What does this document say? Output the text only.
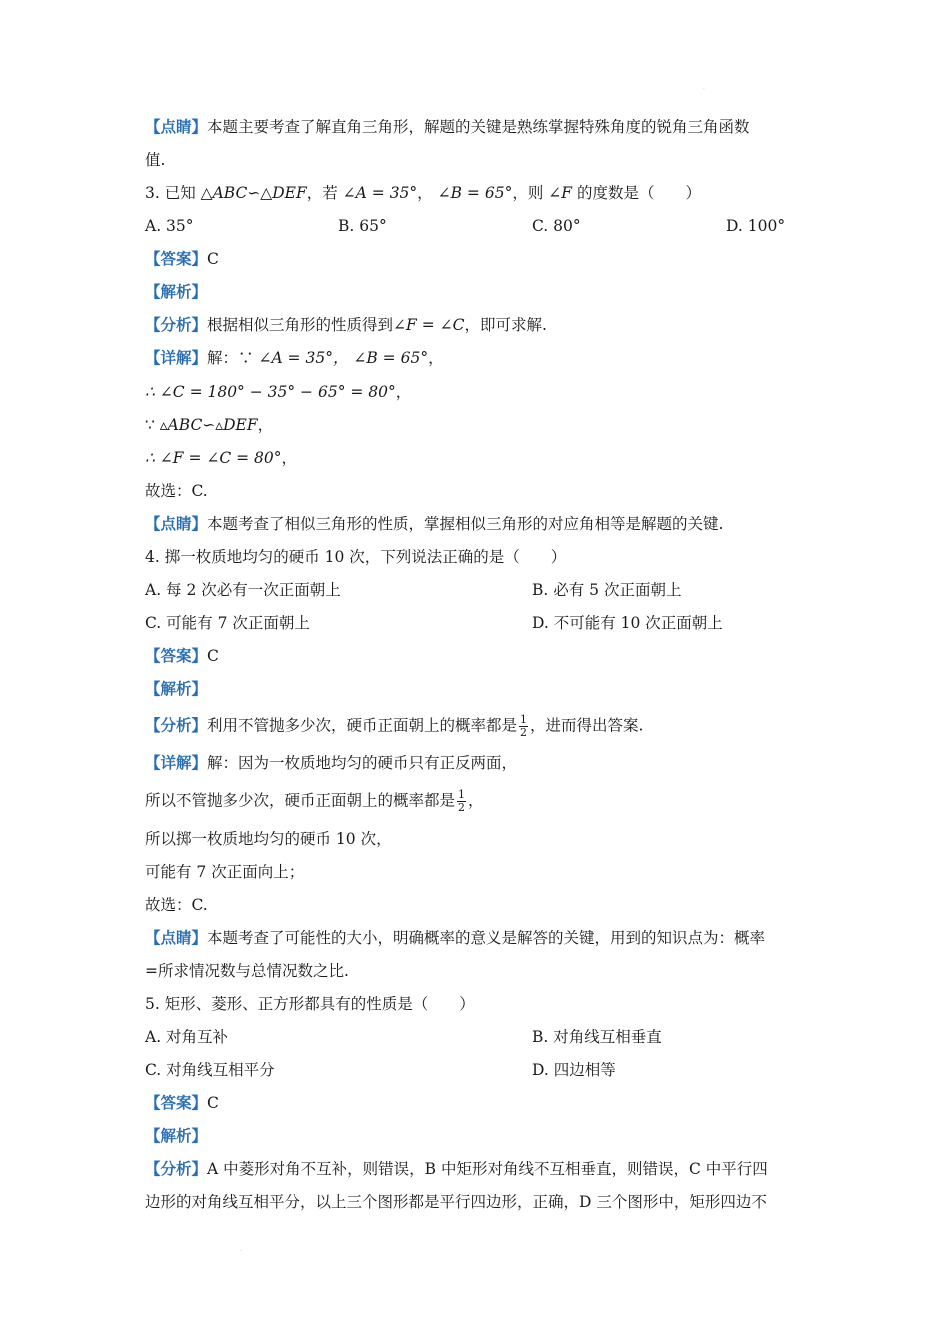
·
【点睛】本题主要考查了解直角三角形，解题的关键是熟练掌握特殊角度的锐角三角函数
值.
3. 已知 △ABC∽△DEF，若 ∠A = 35°， ∠B = 65°，则 ∠F 的度数是（　　）
A. 35°	B. 65°	C. 80°	D. 100°
【答案】C
【解析】
【分析】根据相似三角形的性质得到∠F = ∠C，即可求解.
【详解】解：∵ ∠A = 35°， ∠B = 65°，
∴ ∠C = 180° − 35° − 65° = 80°，
∵ ▵ABC∽▵DEF，
∴ ∠F = ∠C = 80°，
故选：C.
【点睛】本题考查了相似三角形的性质，掌握相似三角形的对应角相等是解题的关键.
4. 掷一枚质地均匀的硬币 10 次，下列说法正确的是（　　）
A. 每 2 次必有一次正面朝上	B. 必有 5 次正面朝上
C. 可能有 7 次正面朝上	D. 不可能有 10 次正面朝上
【答案】C
【解析】
【分析】利用不管抛多少次，硬币正面朝上的概率都是 $\frac{1}{2}$ ，进而得出答案.
【详解】解：因为一枚质地均匀的硬币只有正反两面，
所以不管抛多少次，硬币正面朝上的概率都是 $\frac{1}{2}$ ，
所以掷一枚质地均匀的硬币 10 次，
可能有 7 次正面向上；
故选：C.
【点睛】本题考查了可能性的大小，明确概率的意义是解答的关键，用到的知识点为：概率
=所求情况数与总情况数之比.
5. 矩形、菱形、正方形都具有的性质是（　　）
A. 对角互补	B. 对角线互相垂直
C. 对角线互相平分	D. 四边相等
【答案】C
【解析】
【分析】A 中菱形对角不互补，则错误，B 中矩形对角线不互相垂直，则错误，C 中平行四
边形的对角线互相平分，以上三个图形都是平行四边形，正确，D 三个图形中，矩形四边不
·
